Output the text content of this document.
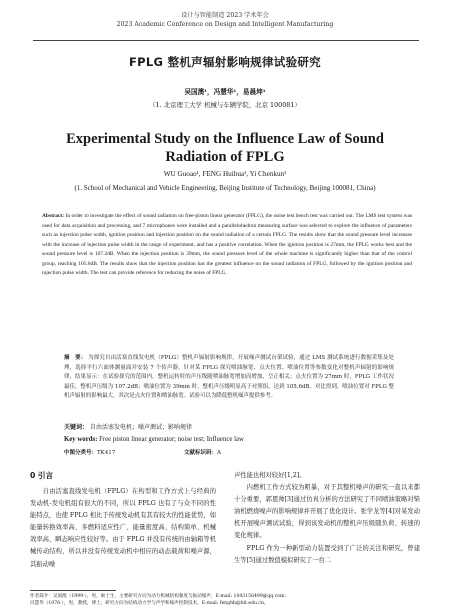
设计与智能制造 2023 学术年会
2023 Academic Conference on Design and Intelligent Manufacturing
FPLG 整机声辐射影响规律试验研究
吴国澳¹，冯慧华¹，易晨坤¹
（1. 北京理工大学 机械与车辆学院，北京 100081）
Experimental Study on the Influence Law of Sound Radiation of FPLG
WU Guoao¹, FENG Huihua¹, Yi Chenkun¹
(1. School of Mechanical and Vehicle Engineering, Beijing Institute of Technology, Beijing 100081, China)
Abstract: In order to investigate the effect of sound radiation on free-piston linear generator (FPLG), the noise test bench test was carried out. The LMS test system was used for data acquisition and processing, and 7 microphones were installed and a parallelohedron measuring surface was selected to explore the influence of parameters such as injection pulse width, ignition position and injection position on the sound radiation of a certain FPLG. The results show that the sound pressure level increases with the increase of injection pulse width in the range of experiment, and has a positive correlation. When the ignition position is 27mm, the FPLG works best and the sound pressure level is 107.2dB. When the injection position is 39mm, the sound pressure level of the whole machine is significantly higher than that of the control group, reaching 105.6dB. The results show that the injection position has the greatest influence on the sound radiation of FPLG, followed by the ignition position and injection pulse width. The test can provide reference for reducing the noise of FPLG.
摘　要： 为探究自由活塞直线发电机（FPLG）整机声辐射影响规律，开展噪声测试台架试验，通过 LMS 测试系统进行数据采集及处理，选择平行六面体测量面并安装 7 个传声器，针对某 FPLG 探究喷油脉宽、点火位置、喷油位置等参数变化对整机声辐射的影响规律，结果显示：在试验探究的范围内，整机运转时的声压级随喷油脉宽增加而增加，呈正相关；点火位置为 27mm 时，FPLG 工作状况最佳，整机声压级为 107.2dB；喷油位置为 39mm 时，整机声压级明显高于对照组，达到 105.6dB。对比得到，喷油位置对 FPLG 整机声辐射的影响最大，其次是点火位置和喷油脉宽。试验可以为降低整机噪声提供参考。
关键词： 自由活塞发电机；噪声测试；影响规律
Key words: Free piston linear generator; noise test; Influence law
中图分类号：TK417	文献标识码：A
0 引言

自由活塞直线发电机（FPLG）在构型和工作方式上与经典的发动机-发电机组有很大的不同，所以 FPLG 也有了与众不同的性能特点，也使 FPLG 相比于传统发动机有其有较大的性能优势，如能量转换效率高、多燃料适应性广、能量密度高、结构简单、机械效率高、瞬态响应性较好等。由于 FPLG 并没有传统的由轴箱等机械传动结构，所以并没有传统发动机中相应的动态载荷和噪声源，其振动噪

声性能也相对较好[1,2]。

内燃机工作方式较为粗暴，对于其整机噪声的研究一直以来都十分重要，郭恩帅[3]通过仿真分析的方法研究了不同喷油策略对柴油机燃烧噪声的影响规律并开展了优化设计。张学龙等[4]对某发动机开展噪声测试试验，得到该发动机的整机声压级随负荷、转速的变化规律。

FPLG 作为一种新型动力装置受到了广泛的关注和研究，曾建生等[5]通过数值模拟研究了一台二

作者简介：吴国澳（1999-），男，硕士生，主要研究方向为动力机械结构强度与振动噪声，E-mail: 1043156499@qq.com；
冯慧华（1976-），男，教授，博士，研究方向为结构动力学与声学和噪声控制技术，E-mail: fenghh@bit.edu.cn。
